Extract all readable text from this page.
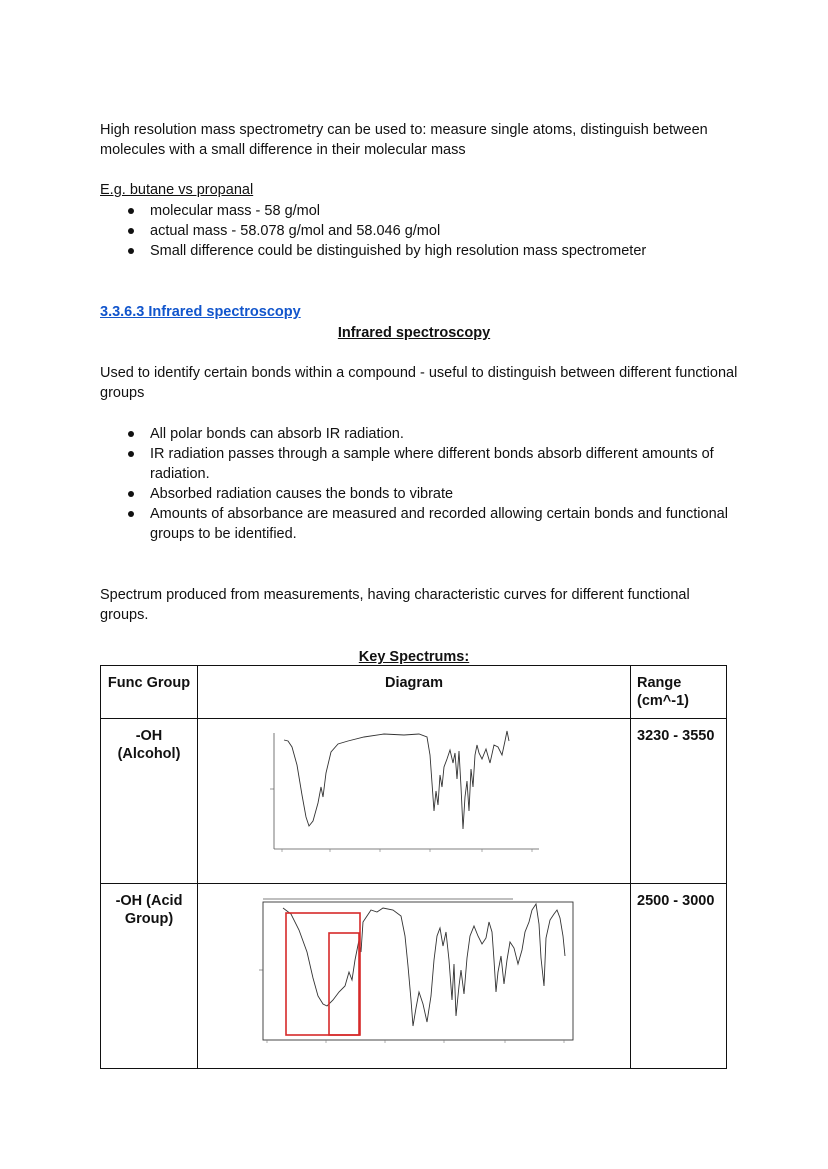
High resolution mass spectrometry can be used to: measure single atoms, distinguish between molecules with a small difference in their molecular mass

E.g. butane vs propanal

molecular mass - 58 g/mol
actual mass - 58.078 g/mol and 58.046 g/mol
Small difference could be distinguished by high resolution mass spectrometer
3.3.6.3 Infrared spectroscopy
Infrared spectroscopy

Used to identify certain bonds within a compound - useful to distinguish between different functional groups

All polar bonds can absorb IR radiation.
IR radiation passes through a sample where different bonds absorb different amounts of radiation.
Absorbed radiation causes the bonds to vibrate
Amounts of absorbance are measured and recorded allowing certain bonds and functional groups to be identified.

Spectrum produced from measurements, having characteristic curves for different functional groups.

Key Spectrums:
Func Group	Diagram	Range (cm^-1)
-OH (Alcohol)		3230 - 3550
-OH (Acid Group)		2500 - 3000
